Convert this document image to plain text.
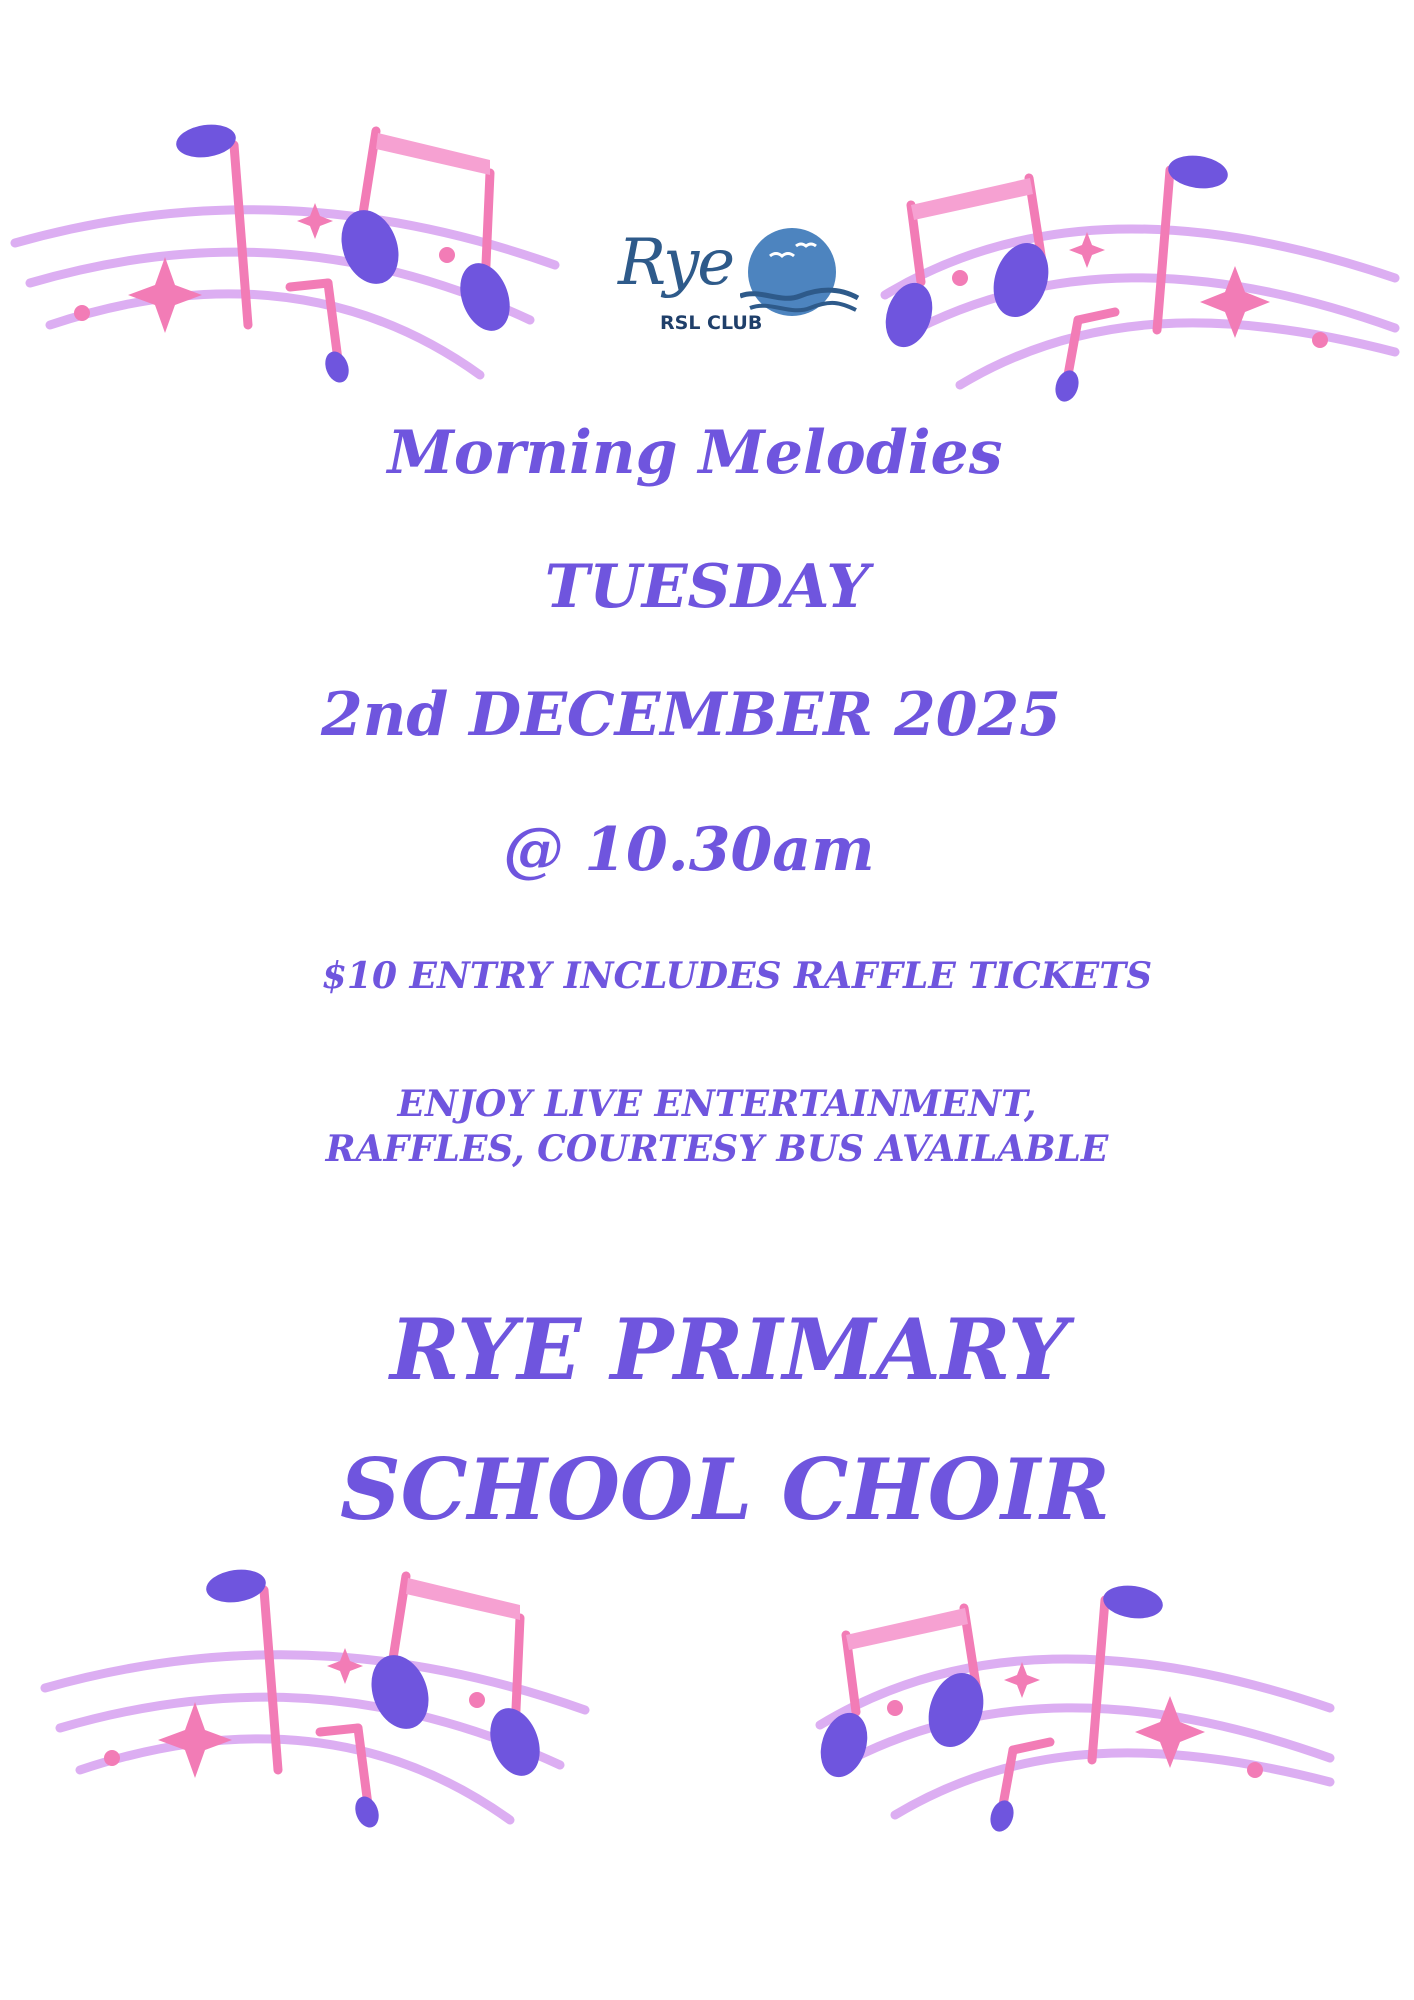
Rye
RSL CLUB
Morning Melodies
TUESDAY
2nd DECEMBER 2025
@ 10.30am
$10 ENTRY INCLUDES RAFFLE TICKETS
ENJOY LIVE ENTERTAINMENT,
RAFFLES, COURTESY BUS AVAILABLE
RYE PRIMARY
SCHOOL CHOIR
